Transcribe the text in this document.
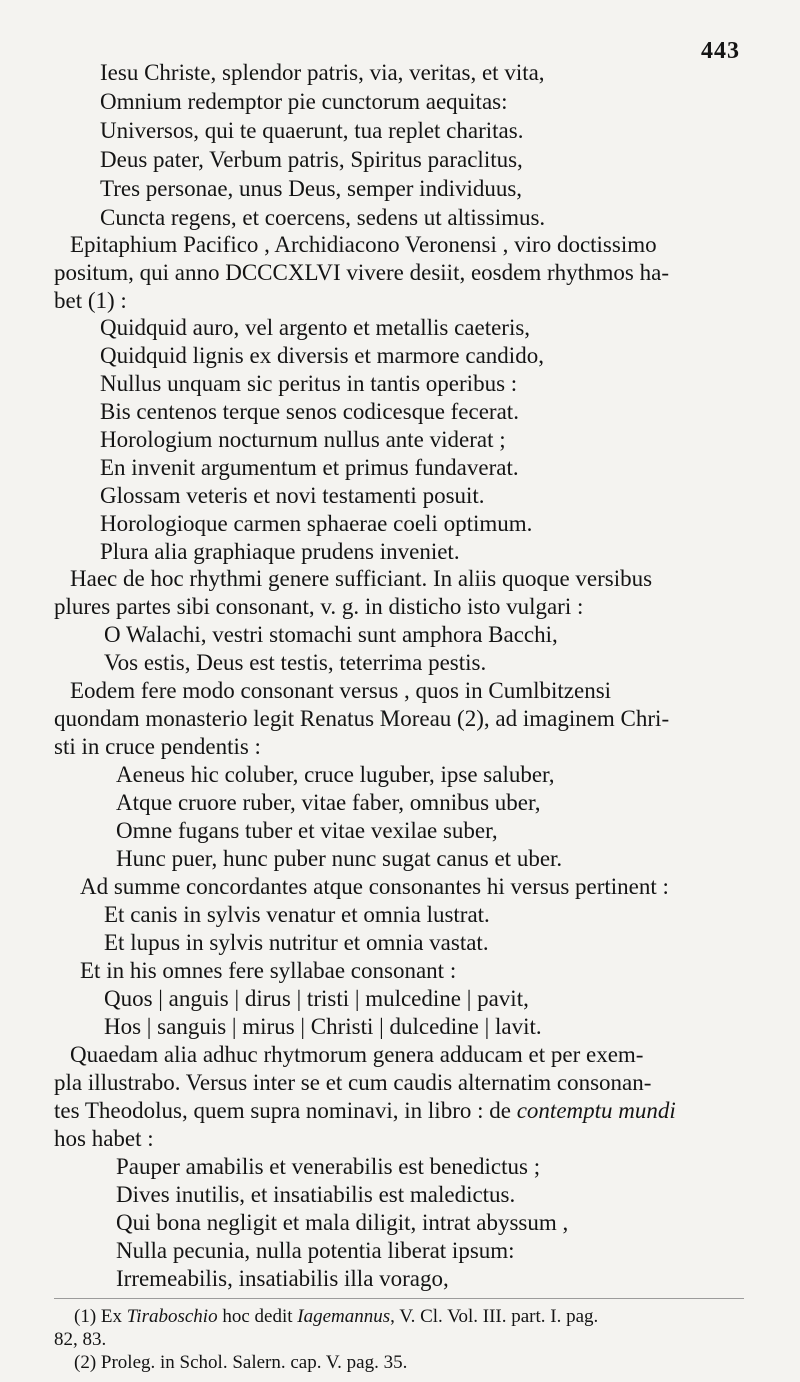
443
Iesu Christe, splendor patris, via, veritas, et vita,
Omnium redemptor pie cunctorum aequitas:
Universos, qui te quaerunt, tua replet charitas.
Deus pater, Verbum patris, Spiritus paraclitus,
Tres personae, unus Deus, semper individuus,
Cuncta regens, et coercens, sedens ut altissimus.
Epitaphium Pacifico , Archidiacono Veronensi , viro doctissimo
positum, qui anno DCCCXLVI vivere desiit, eosdem rhythmos ha-
bet (1) :
Quidquid auro, vel argento et metallis caeteris,
Quidquid lignis ex diversis et marmore candido,
Nullus unquam sic peritus in tantis operibus :
Bis centenos terque senos codicesque fecerat.
Horologium nocturnum nullus ante viderat ;
En invenit argumentum et primus fundaverat.
Glossam veteris et novi testamenti posuit.
Horologioque carmen sphaerae coeli optimum.
Plura alia graphiaque prudens inveniet.
Haec de hoc rhythmi genere sufficiant. In aliis quoque versibus
plures partes sibi consonant, v. g. in disticho isto vulgari :
O Walachi, vestri stomachi sunt amphora Bacchi,
Vos estis, Deus est testis, teterrima pestis.
Eodem fere modo consonant versus , quos in Cumlbitzensi
quondam monasterio legit Renatus Moreau (2), ad imaginem Chri-
sti in cruce pendentis :
Aeneus hic coluber, cruce luguber, ipse saluber,
Atque cruore ruber, vitae faber, omnibus uber,
Omne fugans tuber et vitae vexilae suber,
Hunc puer, hunc puber nunc sugat canus et uber.
Ad summe concordantes atque consonantes hi versus pertinent :
Et canis in sylvis venatur et omnia lustrat.
Et lupus in sylvis nutritur et omnia vastat.
Et in his omnes fere syllabae consonant :
Quos | anguis | dirus | tristi | mulcedine | pavit,
Hos | sanguis | mirus | Christi | dulcedine | lavit.
Quaedam alia adhuc rhytmorum genera adducam et per exem-
pla illustrabo. Versus inter se et cum caudis alternatim consonan-
tes Theodolus, quem supra nominavi, in libro : de contemptu mundi
hos habet :
Pauper amabilis et venerabilis est benedictus ;
Dives inutilis, et insatiabilis est maledictus.
Qui bona negligit et mala diligit, intrat abyssum ,
Nulla pecunia, nulla potentia liberat ipsum:
Irremeabilis, insatiabilis illa vorago,
(1) Ex Tiraboschio hoc dedit Iagemannus, V. Cl. Vol. III. part. I. pag.
82, 83.
(2) Proleg. in Schol. Salern. cap. V. pag. 35.
